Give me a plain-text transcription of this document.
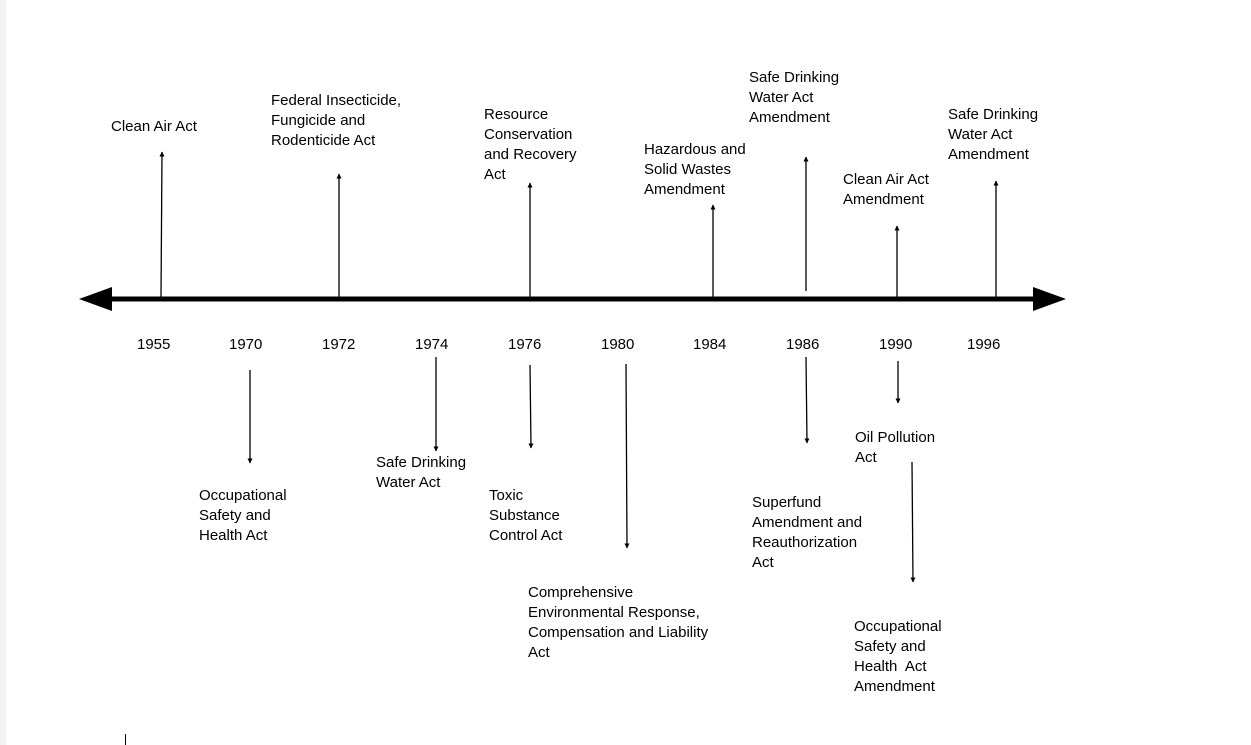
1955	1970	1972	1974	1976	1980	1984	1986	1990	1996
Clean Air Act
Federal Insecticide, Fungicide and Rodenticide Act
Resource Conservation and Recovery Act
Hazardous and Solid Wastes Amendment
Safe Drinking Water Act Amendment
Clean Air Act Amendment
Safe Drinking Water Act Amendment
Occupational Safety and Health Act
Safe Drinking Water Act
Toxic Substance Control Act
Comprehensive Environmental Response, Compensation and Liability Act
Superfund Amendment and Reauthorization Act
Oil Pollution Act
Occupational Safety and Health  Act Amendment
